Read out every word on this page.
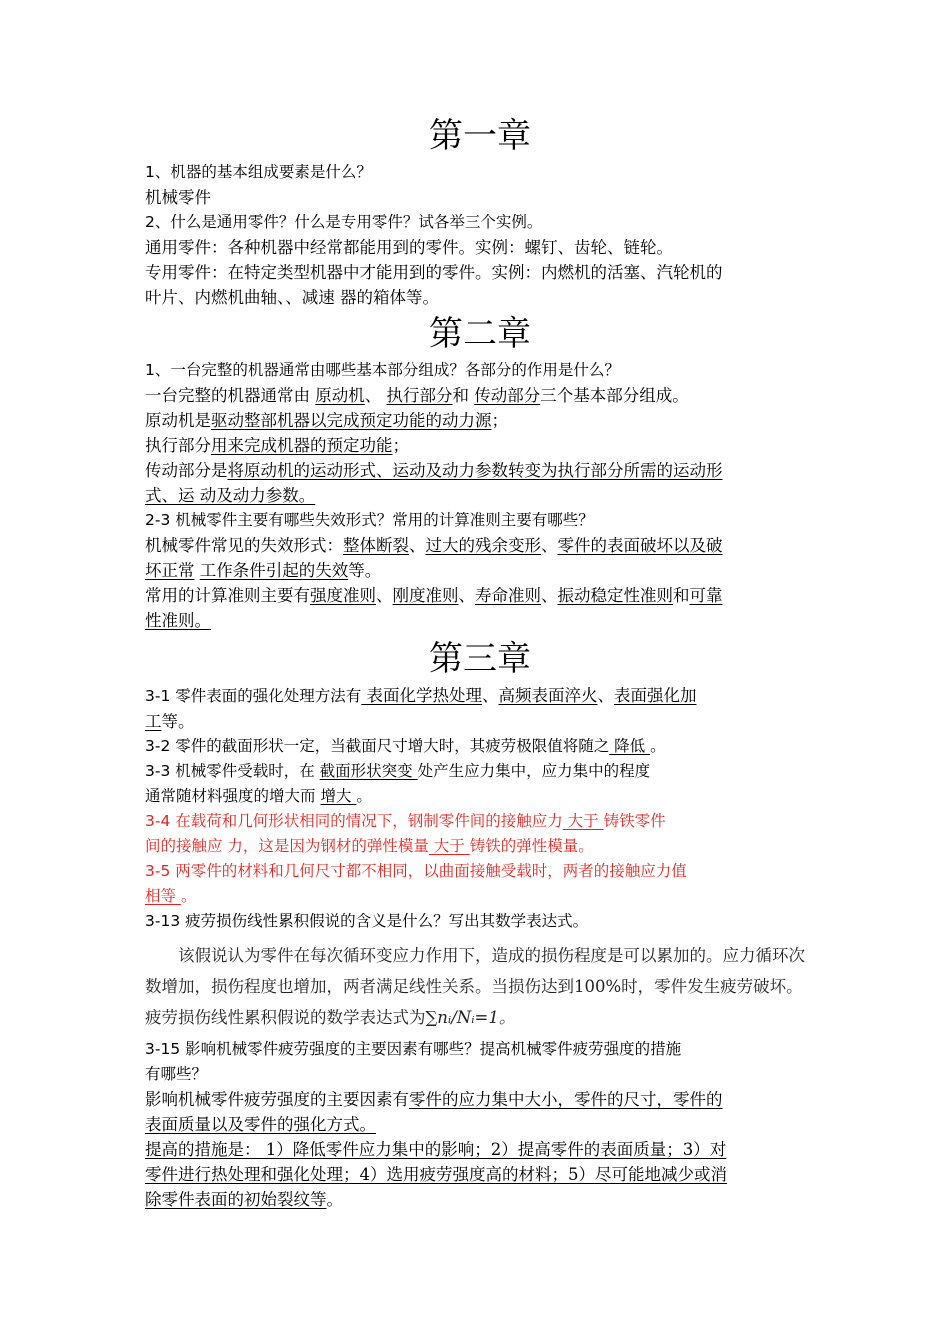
第一章

1、机器的基本组成要素是什么？

机械零件

2、什么是通用零件？什么是专用零件？试各举三个实例。

通用零件：各种机器中经常都能用到的零件。实例：螺钉、齿轮、链轮。

专用零件：在特定类型机器中才能用到的零件。实例：内燃机的活塞、汽轮机的

叶片、内燃机曲轴、、减速 器的箱体等。

第二章

1、一台完整的机器通常由哪些基本部分组成？各部分的作用是什么？

一台完整的机器通常由 原动机、 执行部分和 传动部分三个基本部分组成。

原动机是驱动整部机器以完成预定功能的动力源；

执行部分用来完成机器的预定功能；

传动部分是将原动机的运动形式、运动及动力参数转变为执行部分所需的运动形

式、运 动及动力参数。

2-3 机械零件主要有哪些失效形式？常用的计算准则主要有哪些？

机械零件常见的失效形式：整体断裂、过大的残余变形、零件的表面破坏以及破

坏正常 工作条件引起的失效等。

常用的计算准则主要有强度准则、刚度准则、寿命准则、振动稳定性准则和可靠

性准则。

第三章

3-1 零件表面的强化处理方法有 表面化学热处理、高频表面淬火、表面强化加

工等。

3-2 零件的截面形状一定，当截面尺寸增大时，其疲劳极限值将随之 降低 。

3-3 机械零件受载时，在 截面形状突变 处产生应力集中，应力集中的程度

通常随材料强度的增大而 增大 。

3-4 在载荷和几何形状相同的情况下，钢制零件间的接触应力 大于 铸铁零件

间的接触应 力，这是因为钢材的弹性模量 大于 铸铁的弹性模量。

3-5 两零件的材料和几何尺寸都不相同，以曲面接触受载时，两者的接触应力值

相等 。

3-13 疲劳损伤线性累积假说的含义是什么？写出其数学表达式。

该假说认为零件在每次循环变应力作用下，造成的损伤程度是可以累加的。应力循环次数增加，损伤程度也增加，两者满足线性关系。当损伤达到100%时，零件发生疲劳破坏。疲劳损伤线性累积假说的数学表达式为∑nᵢ/Nᵢ=1。

3-15 影响机械零件疲劳强度的主要因素有哪些？提高机械零件疲劳强度的措施

有哪些？

影响机械零件疲劳强度的主要因素有零件的应力集中大小，零件的尺寸，零件的

表面质量以及零件的强化方式。

提高的措施是： 1）降低零件应力集中的影响；2）提高零件的表面质量；3）对

零件进行热处理和强化处理；4）选用疲劳强度高的材料；5）尽可能地减少或消

除零件表面的初始裂纹等。
